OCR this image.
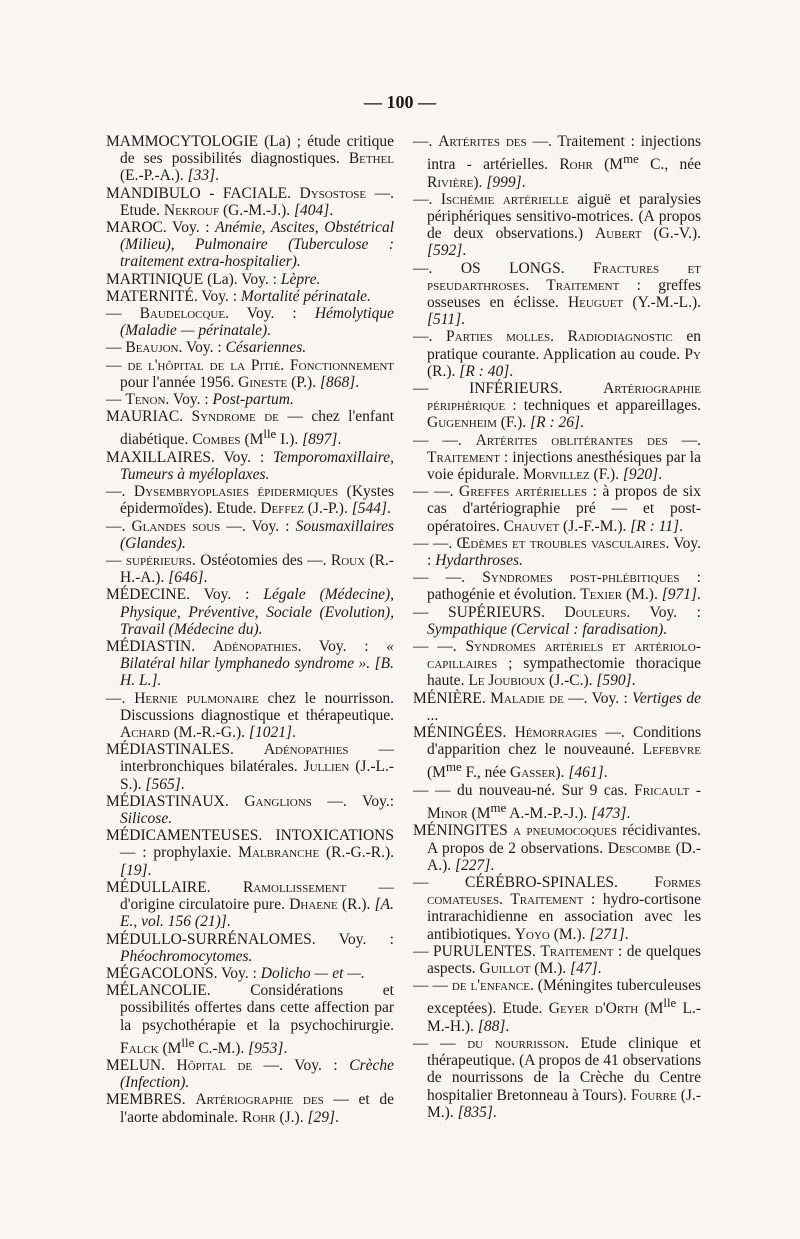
— 100 —

MAMMOCYTOLOGIE (La) ; étude critique de ses possibilités diagnostiques. Bethel (E.-P.-A.). [33].

MANDIBULO - FACIALE. Dysostose —. Etude. Nekrouf (G.-M.-J.). [404].

MAROC. Voy. : Anémie, Ascites, Obstétrical (Milieu), Pulmonaire (Tuberculose : traitement extra-hospitalier).

MARTINIQUE (La). Voy. : Lèpre.

MATERNITÉ. Voy. : Mortalité périnatale.

— Baudelocque. Voy. : Hémolytique (Maladie — périnatale).

— Beaujon. Voy. : Césariennes.

— de l'hôpital de la Pitié. Fonctionnement pour l'année 1956. Gineste (P.). [868].

— Tenon. Voy. : Post-partum.

MAURIAC. Syndrome de — chez l'enfant diabétique. Combes ($M^{lle}$ I.). [897].

MAXILLAIRES. Voy. : Temporomaxillaire, Tumeurs à myéloplaxes.

—. Dysembryoplasies épidermiques (Kystes épidermoïdes). Etude. Deffez (J.-P.). [544].

—. Glandes sous —. Voy. : Sousmaxillaires (Glandes).

— supérieurs. Ostéotomies des —. Roux (R.-H.-A.). [646].

MÉDECINE. Voy. : Légale (Médecine), Physique, Préventive, Sociale (Evolution), Travail (Médecine du).

MÉDIASTIN. Adénopathies. Voy. : « Bilatéral hilar lymphanedo syndrome ». [B. H. L.].

—. Hernie pulmonaire chez le nourrisson. Discussions diagnostique et thérapeutique. Achard (M.-R.-G.). [1021].

MÉDIASTINALES. Adénopathies — interbronchiques bilatérales. Jullien (J.-L.-S.). [565].

MÉDIASTINAUX. Ganglions —. Voy.: Silicose.

MÉDICAMENTEUSES. INTOXICATIONS — : prophylaxie. Malbranche (R.-G.-R.). [19].

MÉDULLAIRE. Ramollissement — d'origine circulatoire pure. Dhaene (R.). [A. E., vol. 156 (21)].

MÉDULLO-SURRÉNALOMES. Voy. : Phéochromocytomes.

MÉGACOLONS. Voy. : Dolicho — et —.

MÉLANCOLIE. Considérations et possibilités offertes dans cette affection par la psychothérapie et la psychochirurgie. Falck ($M^{lle}$ C.-M.). [953].

MELUN. Hôpital de —. Voy. : Crèche (Infection).

MEMBRES. Artériographie des — et de l'aorte abdominale. Rohr (J.). [29].

—. Artérites des —. Traitement : injections intra - artérielles. Rohr ($M^{me}$ C., née Rivière). [999].

—. Ischémie artérielle aiguë et paralysies périphériques sensitivo-motrices. (A propos de deux observations.) Aubert (G.-V.). [592].

—. OS LONGS. Fractures et pseudarthroses. Traitement : greffes osseuses en éclisse. Heuguet (Y.-M.-L.). [511].

—. Parties molles. Radiodiagnostic en pratique courante. Application au coude. Py (R.). [R : 40].

— INFÉRIEURS. Artériographie périphérique : techniques et appareillages. Gugenheim (F.). [R : 26].

— —. Artérites oblitérantes des —. Traitement : injections anesthésiques par la voie épidurale. Morvillez (F.). [920].

— —. Greffes artérielles : à propos de six cas d'artériographie pré — et post-opératoires. Chauvet (J.-F.-M.). [R : 11].

— —. Œdèmes et troubles vasculaires. Voy. : Hydarthroses.

— —. Syndromes post-phlébitiques : pathogénie et évolution. Texier (M.). [971].

— SUPÉRIEURS. Douleurs. Voy. : Sympathique (Cervical : faradisation).

— —. Syndromes artériels et artériolo-capillaires ; sympathectomie thoracique haute. Le Joubioux (J.-C.). [590].

MÉNIÈRE. Maladie de —. Voy. : Vertiges de ...

MÉNINGÉES. Hémorragies —. Conditions d'apparition chez le nouveauné. Lefebvre ($M^{me}$ F., née Gasser). [461].

— — du nouveau-né. Sur 9 cas. Fricault - Minor ($M^{me}$ A.-M.-P.-J.). [473].

MÉNINGITES a pneumocoques récidivantes. A propos de 2 observations. Descombe (D.-A.). [227].

— CÉRÉBRO-SPINALES. Formes comateuses. Traitement : hydro-cortisone intrarachidienne en association avec les antibiotiques. Yoyo (M.). [271].

— PURULENTES. Traitement : de quelques aspects. Guillot (M.). [47].

— — de l'enfance. (Méningites tuberculeuses exceptées). Etude. Geyer d'Orth ($M^{lle}$ L.-M.-H.). [88].

— — du nourrisson. Etude clinique et thérapeutique. (A propos de 41 observations de nourrissons de la Crèche du Centre hospitalier Bretonneau à Tours). Fourre (J.-M.). [835].
